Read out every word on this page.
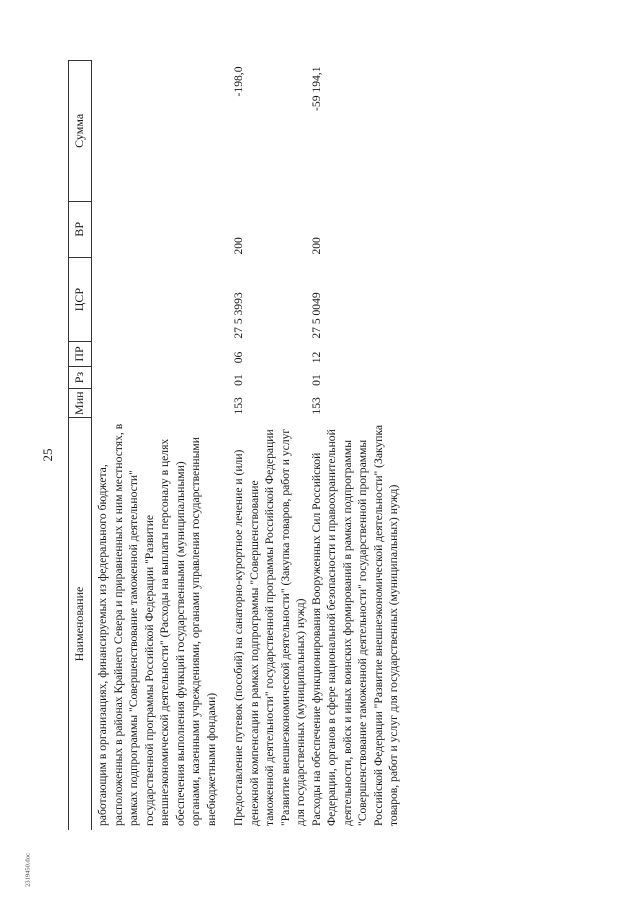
25
Наименование	Мин	Рз	ПР	ЦСР	ВР	Сумма
работающим в организациях, финансируемых из федерального бюджета, расположенных в районах Крайнего Севера и приравненных к ним местностях, в рамках подпрограммы "Совершенствование таможенной деятельности" государственной программы Российской Федерации "Развитие внешнеэкономической деятельности" (Расходы на выплаты персоналу в целях обеспечения выполнения функций государственными (муниципальными) органами, казенными учреждениями, органами управления государственными внебюджетными фондами)						
Предоставление путевок (пособий) на санаторно-курортное лечение и (или) денежной компенсации в рамках подпрограммы "Совершенствование таможенной деятельности" государственной программы Российской Федерации "Развитие внешнеэкономической деятельности" (Закупка товаров, работ и услуг для государственных (муниципальных) нужд)	153	01	06	27 5 3993	200	-198,0
Расходы на обеспечение функционирования Вооруженных Сил Российской Федерации, органов в сфере национальной безопасности и правоохранительной деятельности, войск и иных воинских формирований в рамках подпрограммы "Совершенствование таможенной деятельности" государственной программы Российской Федерации "Развитие внешнеэкономической деятельности" (Закупка товаров, работ и услуг для государственных (муниципальных) нужд)	153	01	12	27 5 0049	200	-59 194,1
2319450.doc
